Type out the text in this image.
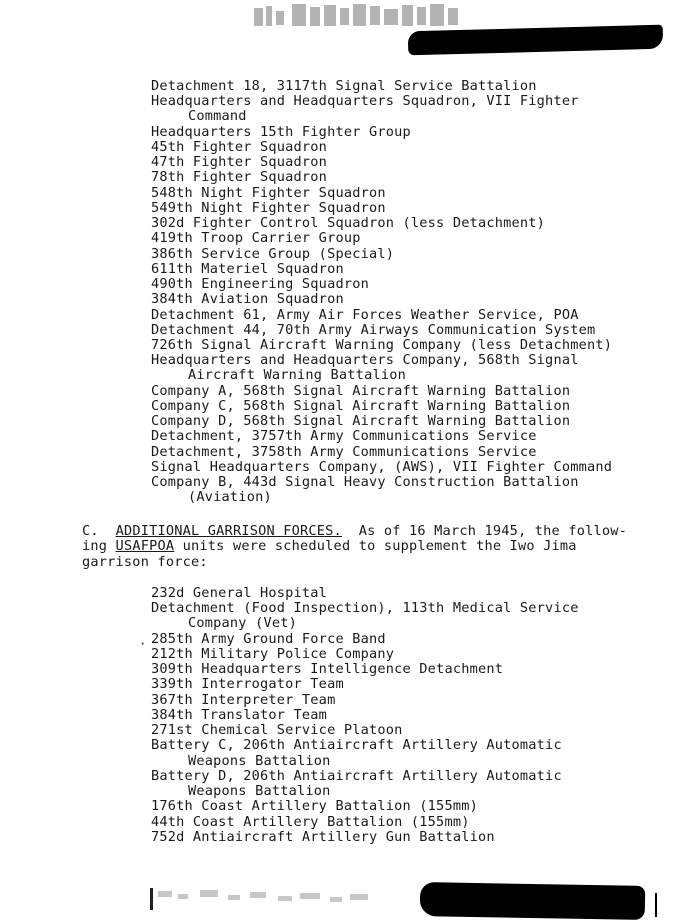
Detachment 18, 3117th Signal Service Battalion
Headquarters and Headquarters Squadron, VII Fighter
Command
Headquarters 15th Fighter Group
45th Fighter Squadron
47th Fighter Squadron
78th Fighter Squadron
548th Night Fighter Squadron
549th Night Fighter Squadron
302d Fighter Control Squadron (less Detachment)
419th Troop Carrier Group
386th Service Group (Special)
611th Materiel Squadron
490th Engineering Squadron
384th Aviation Squadron
Detachment 61, Army Air Forces Weather Service, POA
Detachment 44, 70th Army Airways Communication System
726th Signal Aircraft Warning Company (less Detachment)
Headquarters and Headquarters Company, 568th Signal
Aircraft Warning Battalion
Company A, 568th Signal Aircraft Warning Battalion
Company C, 568th Signal Aircraft Warning Battalion
Company D, 568th Signal Aircraft Warning Battalion
Detachment, 3757th Army Communications Service
Detachment, 3758th Army Communications Service
Signal Headquarters Company, (AWS), VII Fighter Command
Company B, 443d Signal Heavy Construction Battalion
(Aviation)
C. ADDITIONAL GARRISON FORCES. As of 16 March 1945, the follow-
ing USAFPOA units were scheduled to supplement the Iwo Jima
garrison force:
·
232d General Hospital
Detachment (Food Inspection), 113th Medical Service
Company (Vet)
285th Army Ground Force Band
212th Military Police Company
309th Headquarters Intelligence Detachment
339th Interrogator Team
367th Interpreter Team
384th Translator Team
271st Chemical Service Platoon
Battery C, 206th Antiaircraft Artillery Automatic
Weapons Battalion
Battery D, 206th Antiaircraft Artillery Automatic
Weapons Battalion
176th Coast Artillery Battalion (155mm)
44th Coast Artillery Battalion (155mm)
752d Antiaircraft Artillery Gun Battalion
